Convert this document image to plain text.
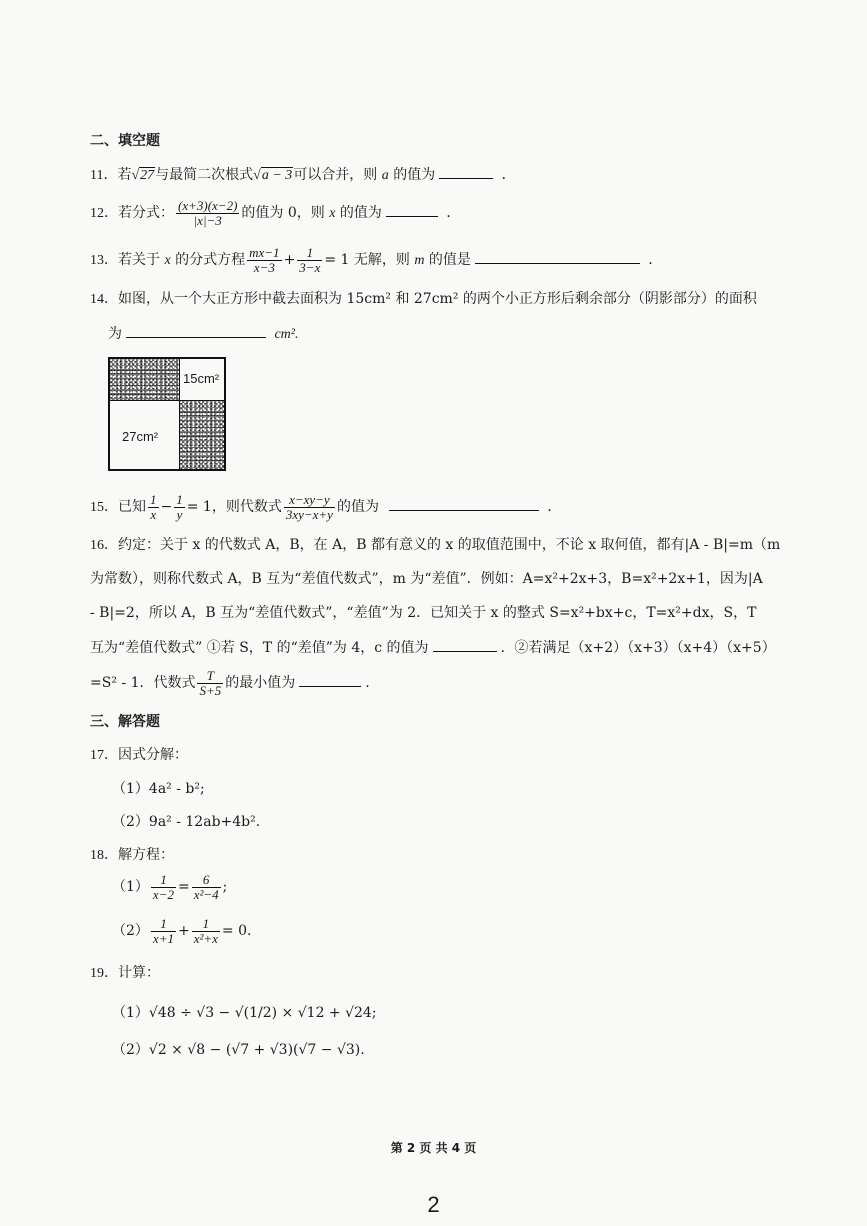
二、填空题
11．若√27与最简二次根式√a − 3可以合并，则 a 的值为	．
12．若分式： $\frac{(x+3)(x-2)}{|x|-3}$ 的值为 0，则 x 的值为	．
13．若关于 x 的分式方程 $\frac{mx-1}{x-3} + \frac{1}{3-x} = 1$ 无解，则 m 的值是	．
14．如图，从一个大正方形中截去面积为 15cm² 和 27cm² 的两个小正方形后剩余部分（阴影部分）的面积
为	cm².
15cm²
27cm²
15．已知 $\frac{1}{x} - \frac{1}{y} = 1$，则代数式 $\frac{x-xy-y}{3xy-x+y}$ 的值为	．
16．约定：关于 x 的代数式 A，B，在 A，B 都有意义的 x 的取值范围中，不论 x 取何值，都有|A - B|=m（m
为常数），则称代数式 A，B 互为“差值代数式”，m 为“差值”．例如：A=x²+2x+3，B=x²+2x+1，因为|A
- B|=2，所以 A，B 互为“差值代数式”，“差值”为 2．已知关于 x 的整式 S=x²+bx+c，T=x²+dx，S，T
互为“差值代数式” ①若 S，T 的“差值”为 4，c 的值为	．②若满足（x+2）（x+3）（x+4）（x+5）
=S² - 1．代数式 $\frac{T}{S+5}$ 的最小值为	.
三、解答题
17．因式分解：
（1）4a² - b²;
（2）9a² - 12ab+4b².
18．解方程：
$(1) \frac{1}{x-2} = \frac{6}{\text{x²−4}}$ ;
$(2) \frac{1}{x+1} + \frac{1}{\text{x²+x}} = 0$.
19．计算：
（1）√48 ÷ √3 − √(1/2) × √12 + √24;
（2）√2 × √8 − (√7 + √3)(√7 − √3).
第 2 页 共 4 页
2
